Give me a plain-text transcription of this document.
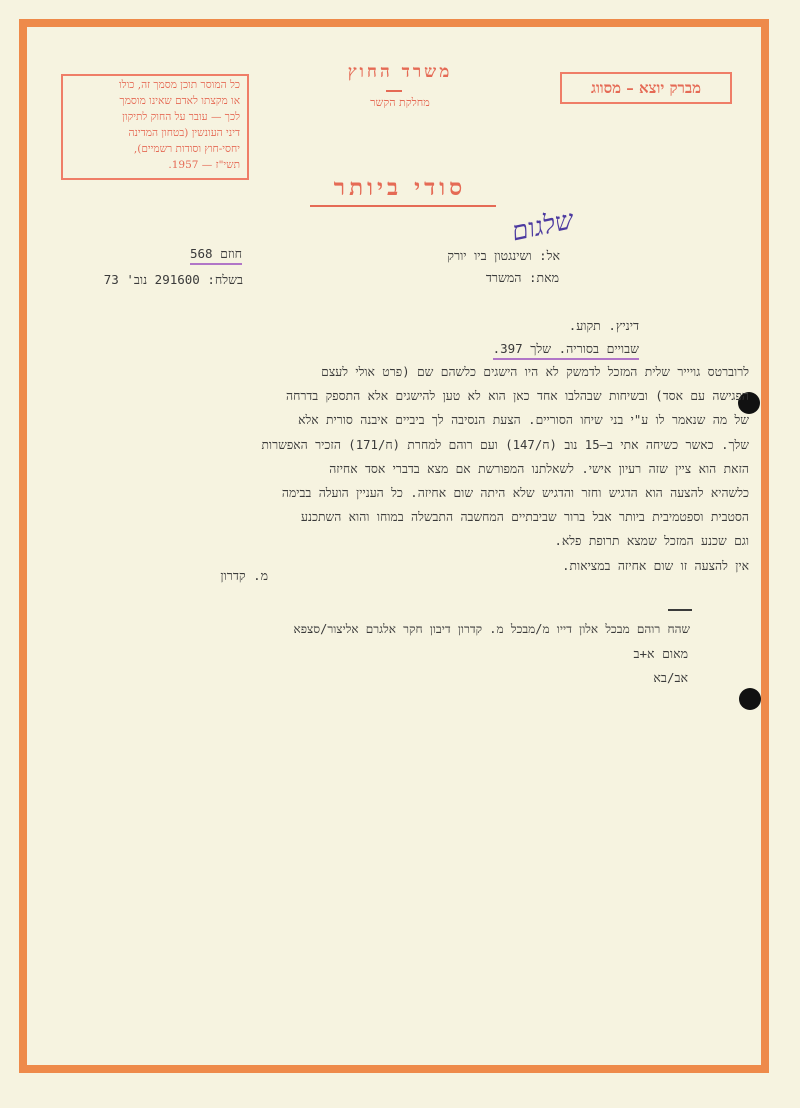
כל המוסר תוכן מסמך זה, כולו
או מקצתו לאדם שאינו מוסמך
לכך — עובר על החוק לתיקון
דיני העונשין (בטחון המדינה
יחסי-חוץ וסודות רשמיים),
תשי"ז — 1957.
משרד החוץ
מחלקת הקשר
מברק יוצא – מסווג
סודי ביותר
שלגום
אל: ושינגטון ביו יורק
מאת: המשרד
חוזם 568
בשלח: 291600 נוב' 73
דיניץ. תקוע.
שבויים בסוריה. שלך 397.
לרוברטס גויייר שלית המזכל לדמשק לא היו הישגים כלשהם שם (פרט אולי לעצם
הפגישה עם אסד) ובשיחות שבהלבו אחד כאן הוא לא טען להישגים אלא התספק בדרחה
של מה שנאמר לו ע"י בני שיחו הסוריים. הצעת הנסיבה לך ביביים איבנה סורית אלא
שלך. כאשר כשיחה אתי ב–15 נוב (ח/147) ועם רוהם למחרת (ח/171) הזכיר האפשרות
הזאת הוא ציין שזה רעיון אישי. לשאלתנו המפורשת אם מצא בדברי אסד אחיזה
כלשהיא להצעה הוא הדגיש וחזר והדגיש שלא היתה שום אחיזה. כל העניין הועלה בבימה
הסטבית וספטמיבית ביותר אבל ברור שביבתיים המחשבה התבשלה במוחו והוא השתכנע
וגם שכנע המזכל שמצא תרופת פלא.
אין להצעה זו שום אחיזה במציאות.
מ. קדרון
שהח רוהם מבכל אלון דייו מ/מבכל מ. קדרון דיבון חקר אלגרם אליצור/סצפא
מאום א+ב
אב/בא
